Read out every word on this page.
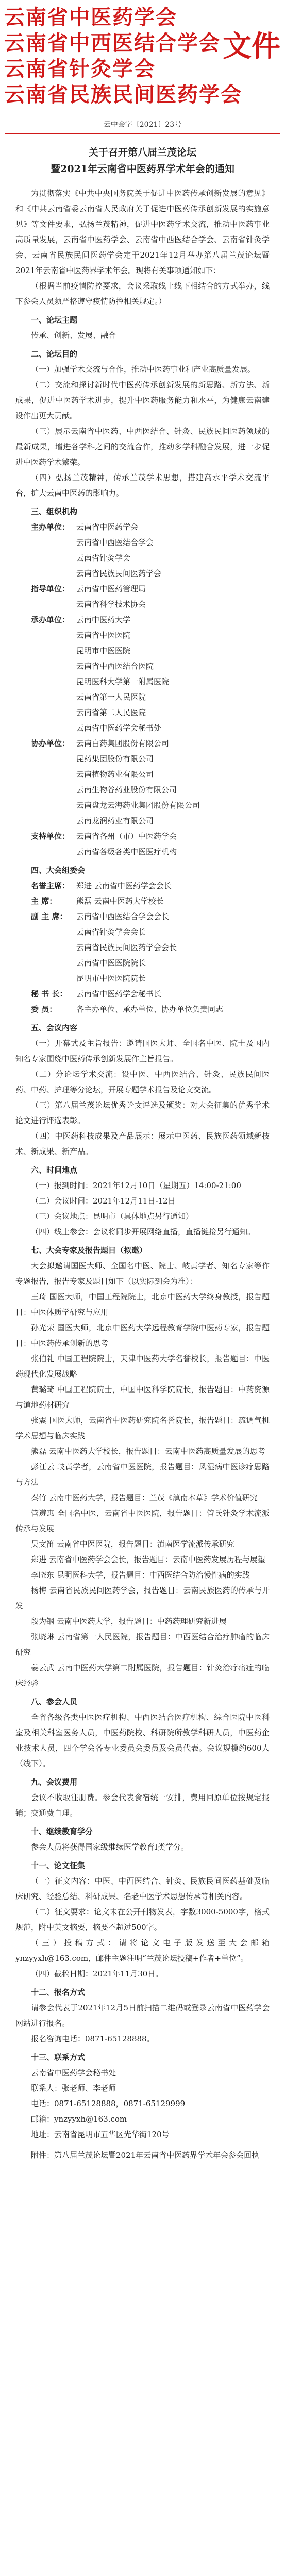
云南省中医药学会
云南省中西医结合学会
云南省针灸学会
云南省民族民间医药学会
文件
云中会字〔2021〕23号
关于召开第八届兰茂论坛
暨2021年云南省中医药界学术年会的通知

为贯彻落实《中共中央国务院关于促进中医药传承创新发展的意见》和《中共云南省委云南省人民政府关于促进中医药传承创新发展的实施意见》等文件要求，弘扬兰茂精神，促进中医药学术交流，推动中医药事业高质量发展，云南省中医药学会、云南省中西医结合学会、云南省针灸学会、云南省民族民间医药学会定于2021年12月举办第八届兰茂论坛暨2021年云南省中医药界学术年会。现将有关事项通知如下：

（根据当前疫情防控要求，会议采取线上线下相结合的方式举办，线下参会人员须严格遵守疫情防控相关规定。）

一、论坛主题

传承、创新、发展、融合

二、论坛目的

（一）加强学术交流与合作，推动中医药事业和产业高质量发展。

（二）交流和探讨新时代中医药传承创新发展的新思路、新方法、新成果，促进中医药学术进步，提升中医药服务能力和水平，为健康云南建设作出更大贡献。

（三）展示云南省中医药、中西医结合、针灸、民族民间医药领域的最新成果，增进各学科之间的交流合作，推动多学科融合发展，进一步促进中医药学术繁荣。

（四）弘扬兰茂精神，传承兰茂学术思想，搭建高水平学术交流平台，扩大云南中医药的影响力。

三、组织机构

主办单位： 云南省中医药学会

云南省中西医结合学会

云南省针灸学会

云南省民族民间医药学会

指导单位： 云南省中医药管理局

云南省科学技术协会

承办单位： 云南中医药大学

云南省中医医院

昆明市中医医院

云南省中西医结合医院

昆明医科大学第一附属医院

云南省第一人民医院

云南省第二人民医院

云南省中医药学会秘书处

协办单位： 云南白药集团股份有限公司

昆药集团股份有限公司

云南植物药业有限公司

云南生物谷药业股份有限公司

云南盘龙云海药业集团股份有限公司

云南龙润药业有限公司

支持单位： 云南省各州（市）中医药学会

云南省各级各类中医医疗机构

四、大会组委会

名誉主席： 郑进 云南省中医药学会会长
主 席：	熊磊 云南中医药大学校长
副 主 席：	云南省中西医结合学会会长

云南省针灸学会会长

云南省民族民间医药学会会长

云南省中医医院院长

昆明市中医医院院长

秘 书 长：	云南省中医药学会秘书长
委 员：	各主办单位、承办单位、协办单位负责同志

五、会议内容

（一）开幕式及主旨报告：邀请国医大师、全国名中医、院士及国内知名专家围绕中医药传承创新发展作主旨报告。

（二）分论坛学术交流：设中医、中西医结合、针灸、民族民间医药、中药、护理等分论坛，开展专题学术报告及论文交流。

（三）第八届兰茂论坛优秀论文评选及颁奖：对大会征集的优秀学术论文进行评选表彰。

（四）中医药科技成果及产品展示：展示中医药、民族医药领域新技术、新成果、新产品。

六、时间地点

（一）报到时间：2021年12月10日（星期五）14:00-21:00

（二）会议时间：2021年12月11日-12日

（三）会议地点：昆明市（具体地点另行通知）

（四）线上参会：会议将同步开展网络直播，直播链接另行通知。

七、大会专家及报告题目（拟邀）

大会拟邀请国医大师、全国名中医、院士、岐黄学者、知名专家等作专题报告，报告专家及题目如下（以实际到会为准）：

王琦 国医大师，中国工程院院士，北京中医药大学终身教授，报告题目：中医体质学研究与应用

孙光荣 国医大师，北京中医药大学远程教育学院中医药专家，报告题目：中医药传承创新的思考

张伯礼 中国工程院院士，天津中医药大学名誉校长，报告题目：中医药现代化发展战略

黄璐琦 中国工程院院士，中国中医科学院院长，报告题目：中药资源与道地药材研究

张震 国医大师，云南省中医药研究院名誉院长，报告题目：疏调气机学术思想与临床实践

熊磊 云南中医药大学校长，报告题目：云南中医药高质量发展的思考

彭江云 岐黄学者，云南省中医医院，报告题目：风湿病中医诊疗思路与方法

秦竹 云南中医药大学，报告题目：兰茂《滇南本草》学术价值研究

管遵惠 全国名中医，云南省中医医院，报告题目：管氏针灸学术流派传承与发展

吴文笛 云南省中医医院，报告题目：滇南医学流派传承研究

郑进 云南省中医药学会会长，报告题目：云南中医药发展历程与展望

李晓东 昆明医科大学，报告题目：中西医结合防治慢性病的实践

杨梅 云南省民族民间医药学会，报告题目：云南民族医药的传承与开发

段为钢 云南中医药大学，报告题目：中药药理研究新进展

张晓琳 云南省第一人民医院，报告题目：中西医结合治疗肿瘤的临床研究

姜云武 云南中医药大学第二附属医院，报告题目：针灸治疗痛症的临床经验

八、参会人员

全省各级各类中医医疗机构、中西医结合医疗机构、综合医院中医科室及相关科室医务人员，中医药院校、科研院所教学科研人员，中医药企业技术人员，四个学会各专业委员会委员及会员代表。会议规模约600人（线下）。

九、会议费用

会议不收取注册费。参会代表食宿统一安排，费用回原单位按规定报销；交通费自理。

十、继续教育学分

参会人员将获得国家级继续医学教育Ⅰ类学分。

十一、论文征集

（一）征文内容：中医、中西医结合、针灸、民族民间医药基础及临床研究、经验总结、科研成果、名老中医学术思想传承等相关内容。

（二）征文要求：论文未在公开刊物发表，字数3000-5000字，格式规范，附中英文摘要，摘要不超过500字。

（三）投稿方式：请将论文电子版发送至大会邮箱ynzyyxh@163.com，邮件主题注明“兰茂论坛投稿+作者+单位”。

（四）截稿日期：2021年11月30日。

十二、报名方式

请参会代表于2021年12月5日前扫描二维码或登录云南省中医药学会网站进行报名。

报名咨询电话：0871-65128888。

十三、联系方式

云南省中医药学会秘书处

联系人：张老师、李老师

电话：0871-65128888，0871-65129999

邮箱：ynzyyxh@163.com

地址：云南省昆明市五华区光华街120号

附件：第八届兰茂论坛暨2021年云南省中医药界学术年会参会回执
